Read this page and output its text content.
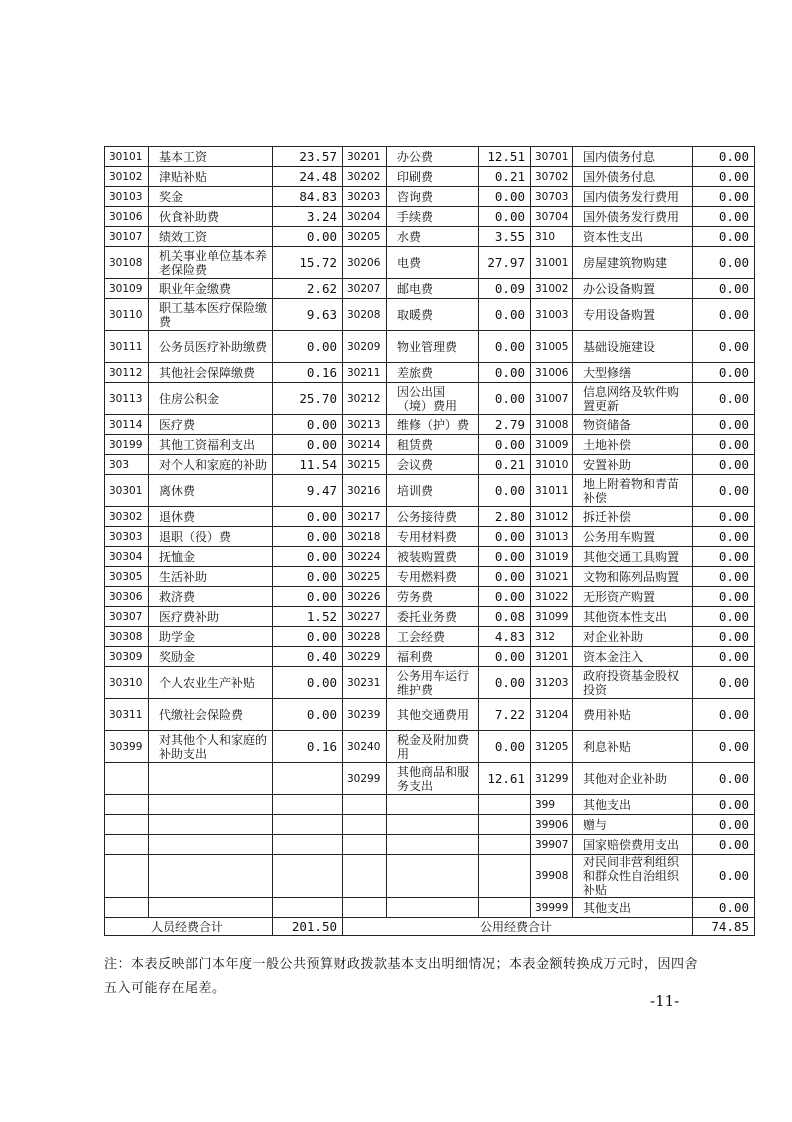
30101	基本工资	23.57	30201	办公费	12.51	30701	国内债务付息	0.00
30102	津贴补贴	24.48	30202	印刷费	0.21	30702	国外债务付息	0.00
30103	奖金	84.83	30203	咨询费	0.00	30703	国内债务发行费用	0.00
30106	伙食补助费	3.24	30204	手续费	0.00	30704	国外债务发行费用	0.00
30107	绩效工资	0.00	30205	水费	3.55	310	资本性支出	0.00
30108	机关事业单位基本养老保险费	15.72	30206	电费	27.97	31001	房屋建筑物购建	0.00
30109	职业年金缴费	2.62	30207	邮电费	0.09	31002	办公设备购置	0.00
30110	职工基本医疗保险缴费	9.63	30208	取暖费	0.00	31003	专用设备购置	0.00
30111	公务员医疗补助缴费	0.00	30209	物业管理费	0.00	31005	基础设施建设	0.00
30112	其他社会保障缴费	0.16	30211	差旅费	0.00	31006	大型修缮	0.00
30113	住房公积金	25.70	30212	因公出国（境）费用	0.00	31007	信息网络及软件购置更新	0.00
30114	医疗费	0.00	30213	维修（护）费	2.79	31008	物资储备	0.00
30199	其他工资福利支出	0.00	30214	租赁费	0.00	31009	土地补偿	0.00
303	对个人和家庭的补助	11.54	30215	会议费	0.21	31010	安置补助	0.00
30301	离休费	9.47	30216	培训费	0.00	31011	地上附着物和青苗补偿	0.00
30302	退休费	0.00	30217	公务接待费	2.80	31012	拆迁补偿	0.00
30303	退职（役）费	0.00	30218	专用材料费	0.00	31013	公务用车购置	0.00
30304	抚恤金	0.00	30224	被装购置费	0.00	31019	其他交通工具购置	0.00
30305	生活补助	0.00	30225	专用燃料费	0.00	31021	文物和陈列品购置	0.00
30306	救济费	0.00	30226	劳务费	0.00	31022	无形资产购置	0.00
30307	医疗费补助	1.52	30227	委托业务费	0.08	31099	其他资本性支出	0.00
30308	助学金	0.00	30228	工会经费	4.83	312	对企业补助	0.00
30309	奖励金	0.40	30229	福利费	0.00	31201	资本金注入	0.00
30310	个人农业生产补贴	0.00	30231	公务用车运行维护费	0.00	31203	政府投资基金股权投资	0.00
30311	代缴社会保险费	0.00	30239	其他交通费用	7.22	31204	费用补贴	0.00
30399	对其他个人和家庭的补助支出	0.16	30240	税金及附加费用	0.00	31205	利息补贴	0.00
			30299	其他商品和服务支出	12.61	31299	其他对企业补助	0.00
						399	其他支出	0.00
						39906	赠与	0.00
						39907	国家赔偿费用支出	0.00
						39908	对民间非营利组织和群众性自治组织补贴	0.00
						39999	其他支出	0.00
人员经费合计		201.50	公用经费合计					74.85
注：本表反映部门本年度一般公共预算财政拨款基本支出明细情况；本表金额转换成万元时，因四舍五入可能存在尾差。
-11-
